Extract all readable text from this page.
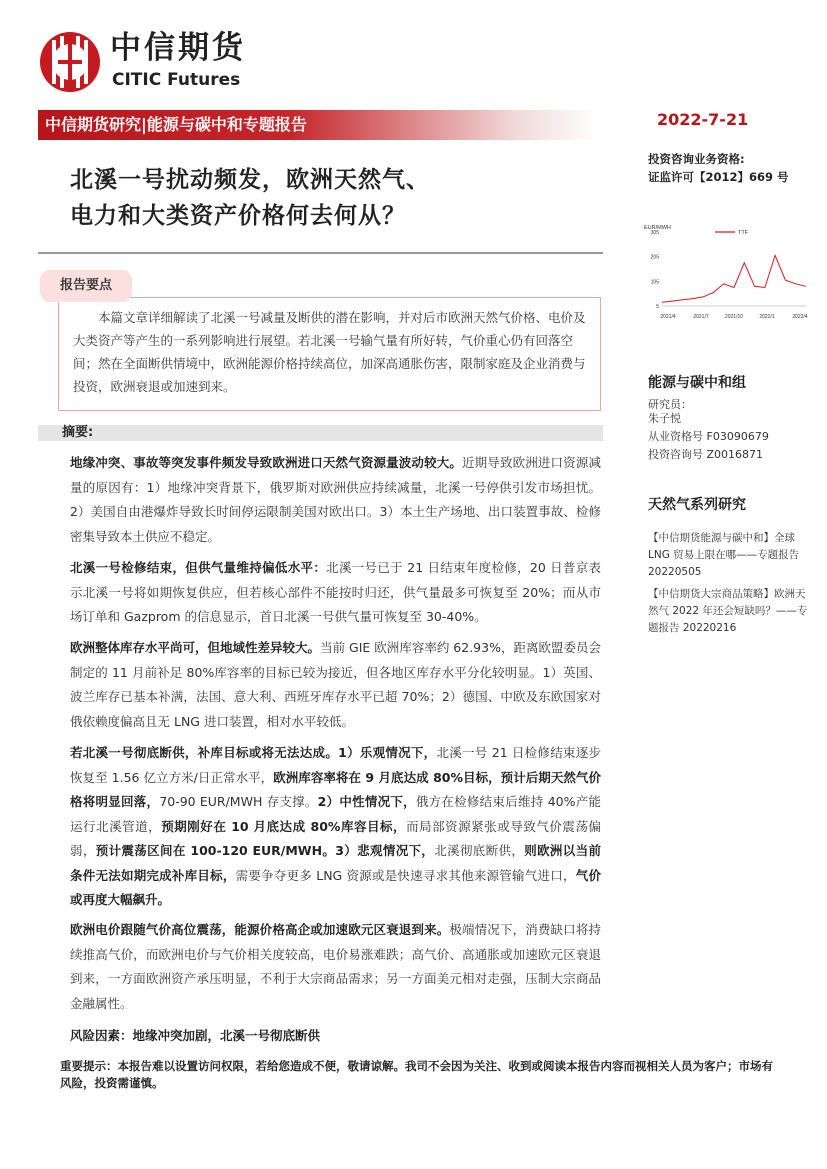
中信期货
CITIC Futures
中信期货研究|能源与碳中和专题报告	2022-7-21
投资咨询业务资格:
证监许可【2012】669 号
北溪一号扰动频发，欧洲天然气、
电力和大类资产价格何去何从？	EUR/MWH
305
205
105
5
2021/4	2021/7	2021/10	2022/1	2022/4
TTF

本篇文章详细解读了北溪一号减量及断供的潜在影响，并对后市欧洲天然气价格、电价及大类资产等产生的一系列影响进行展望。若北溪一号输气量有所好转，气价重心仍有回落空间；然在全面断供情境中，欧洲能源价格持续高位，加深高通胀伤害，限制家庭及企业消费与投资，欧洲衰退或加速到来。

报告要点
摘要:
地缘冲突、事故等突发事件频发导致欧洲进口天然气资源量波动较大。近期导致欧洲进口资源减量的原因有：1）地缘冲突背景下，俄罗斯对欧洲供应持续减量，北溪一号停供引发市场担忧。2）美国自由港爆炸导致长时间停运限制美国对欧出口。3）本土生产场地、出口装置事故、检修密集导致本土供应不稳定。
北溪一号检修结束，但供气量维持偏低水平：北溪一号已于 21 日结束年度检修，20 日普京表示北溪一号将如期恢复供应，但若核心部件不能按时归还，供气量最多可恢复至 20%；而从市场订单和 Gazprom 的信息显示，首日北溪一号供气量可恢复至 30-40%。
欧洲整体库存水平尚可，但地域性差异较大。当前 GIE 欧洲库容率约 62.93%，距离欧盟委员会制定的 11 月前补足 80%库容率的目标已较为接近，但各地区库存水平分化较明显。1）英国、波兰库存已基本补满，法国、意大利、西班牙库存水平已超 70%；2）德国、中欧及东欧国家对俄依赖度偏高且无 LNG 进口装置，相对水平较低。
若北溪一号彻底断供，补库目标或将无法达成。1）乐观情况下，北溪一号 21 日检修结束逐步恢复至 1.56 亿立方米/日正常水平，欧洲库容率将在 9 月底达成 80%目标，预计后期天然气价格将明显回落，70-90 EUR/MWH 存支撑。2）中性情况下，俄方在检修结束后维持 40%产能运行北溪管道，预期刚好在 10 月底达成 80%库容目标，而局部资源紧张或导致气价震荡偏弱，预计震荡区间在 100-120 EUR/MWH。3）悲观情况下，北溪彻底断供，则欧洲以当前条件无法如期完成补库目标，需要争夺更多 LNG 资源或是快速寻求其他来源管输气进口，气价或再度大幅飙升。
欧洲电价跟随气价高位震荡，能源价格高企或加速欧元区衰退到来。极端情况下，消费缺口将持续推高气价，而欧洲电价与气价相关度较高，电价易涨难跌；高气价、高通胀或加速欧元区衰退到来，一方面欧洲资产承压明显，不利于大宗商品需求；另一方面美元相对走强，压制大宗商品金融属性。
风险因素：地缘冲突加剧，北溪一号彻底断供
重要提示：本报告难以设置访问权限，若给您造成不便，敬请谅解。我司不会因为关注、收到或阅读本报告内容而视相关人员为客户；市场有风险，投资需谨慎。
能源与碳中和组
研究员：
朱子悦
从业资格号 F03090679
投资咨询号 Z0016871
天然气系列研究
【中信期货能源与碳中和】全球 LNG 贸易上限在哪——专题报告 20220505
【中信期货大宗商品策略】欧洲天然气 2022 年还会短缺吗？——专题报告 20220216
